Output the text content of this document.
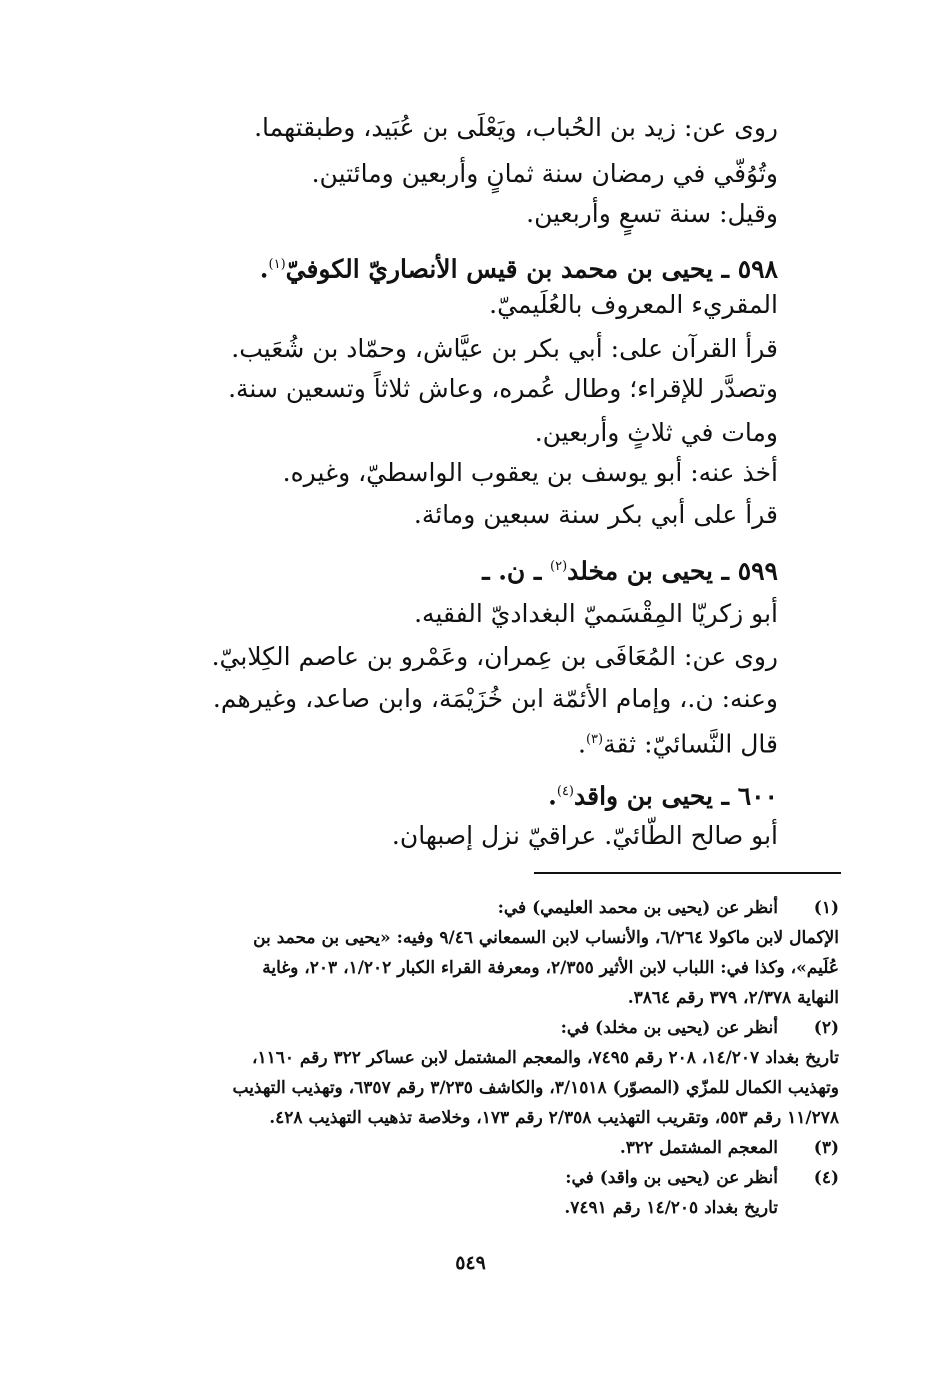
روى عن: زيد بن الحُباب، ويَعْلَى بن عُبَيد، وطبقتهما.
وتُوُفّي في رمضان سنة ثمانٍ وأربعين ومائتين.
وقيل: سنة تسعٍ وأربعين.
٥٩٨ ـ يحيى بن محمد بن قيس الأنصاريّ الكوفيّ$^{(١)}$.
المقريء المعروف بالعُلَيميّ.
قرأ القرآن على: أبي بكر بن عيَّاش، وحمّاد بن شُعَيب.
وتصدَّر للإقراء؛ وطال عُمره، وعاش ثلاثاً وتسعين سنة.
ومات في ثلاثٍ وأربعين.
أخذ عنه: أبو يوسف بن يعقوب الواسطيّ، وغيره.
قرأ على أبي بكر سنة سبعين ومائة.
٥٩٩ ـ يحيى بن مخلد$^{(٢)}$ ـ ن. ـ
أبو زكريّا المِقْسَميّ البغداديّ الفقيه.
روى عن: المُعَافَى بن عِمران، وعَمْرو بن عاصم الكِلابيّ.
وعنه: ن.، وإمام الأئمّة ابن خُزَيْمَة، وابن صاعد، وغيرهم.
قال النَّسائيّ: ثقة$^{(٣)}$.
٦٠٠ ـ يحيى بن واقد$^{(٤)}$.
أبو صالح الطّائيّ. عراقيّ نزل إصبهان.
(١)
أنظر عن (يحيى بن محمد العليمي) في:
الإكمال لابن ماكولا ٦/٢٦٤، والأنساب لابن السمعاني ٩/٤٦ وفيه: «يحيى بن محمد بن
عُلَيم»، وكذا في: اللباب لابن الأثير ٢/٣٥٥، ومعرفة القراء الكبار ١/٢٠٢، ٢٠٣، وغاية
النهاية ٢/٣٧٨، ٣٧٩ رقم ٣٨٦٤.
(٢)
أنظر عن (يحيى بن مخلد) في:
تاريخ بغداد ١٤/٢٠٧، ٢٠٨ رقم ٧٤٩٥، والمعجم المشتمل لابن عساكر ٣٢٢ رقم ١١٦٠،
وتهذيب الكمال للمزّي (المصوّر) ٣/١٥١٨، والكاشف ٣/٢٣٥ رقم ٦٣٥٧، وتهذيب التهذيب
١١/٢٧٨ رقم ٥٥٣، وتقريب التهذيب ٢/٣٥٨ رقم ١٧٣، وخلاصة تذهيب التهذيب ٤٢٨.
(٣)
المعجم المشتمل ٣٢٢.
(٤)
أنظر عن (يحيى بن واقد) في:
تاريخ بغداد ١٤/٢٠٥ رقم ٧٤٩١.
٥٤٩
